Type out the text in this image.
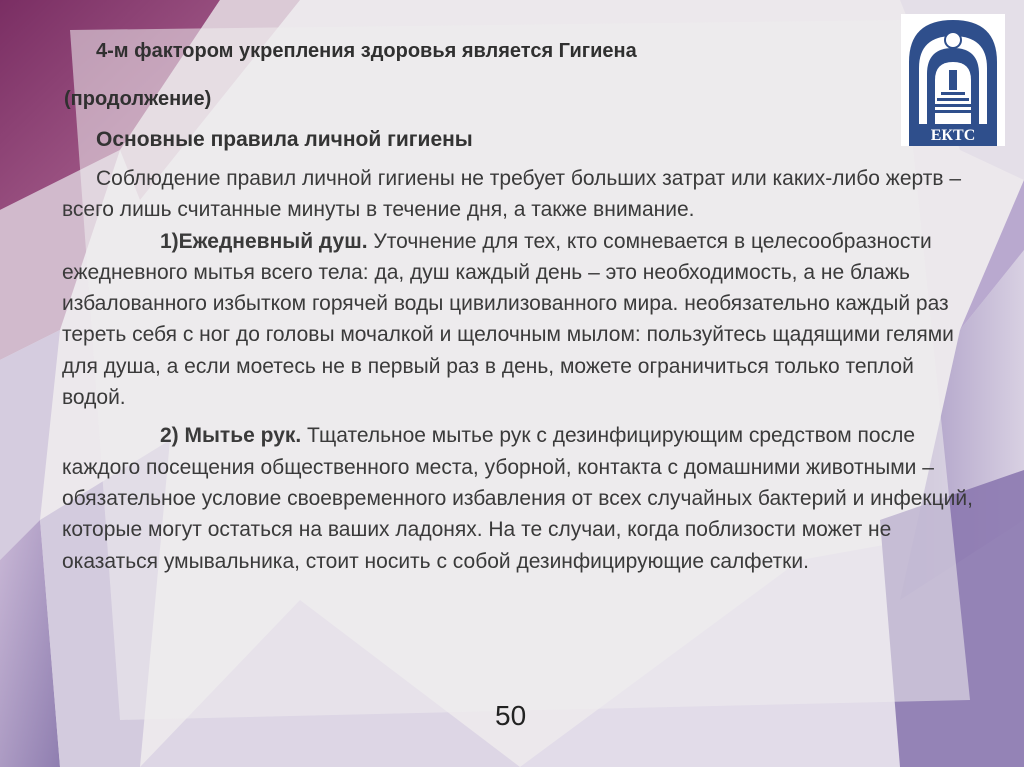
ЕКТС
4-м фактором укрепления здоровья является Гигиена
(продолжение)
Основные правила личной гигиены

Соблюдение правил личной гигиены не требует больших затрат или каких-либо жертв – всего лишь считанные минуты в течение дня, а также внимание.

1)Ежедневный душ. Уточнение для тех, кто сомневается в целесообразности ежедневного мытья всего тела: да, душ каждый день – это необходимость, а не блажь избалованного избытком горячей воды цивилизованного мира. необязательно каждый раз тереть себя с ног до головы мочалкой и щелочным мылом: пользуйтесь щадящими гелями для душа, а если моетесь не в первый раз в день, можете ограничиться только теплой водой.

2) Мытье рук. Тщательное мытье рук с дезинфицирующим средством после каждого посещения общественного места, уборной, контакта с домашними животными – обязательное условие своевременного избавления от всех случайных бактерий и инфекций, которые могут остаться на ваших ладонях. На те случаи, когда поблизости может не оказаться умывальника, стоит носить с собой дезинфицирующие салфетки.

50
